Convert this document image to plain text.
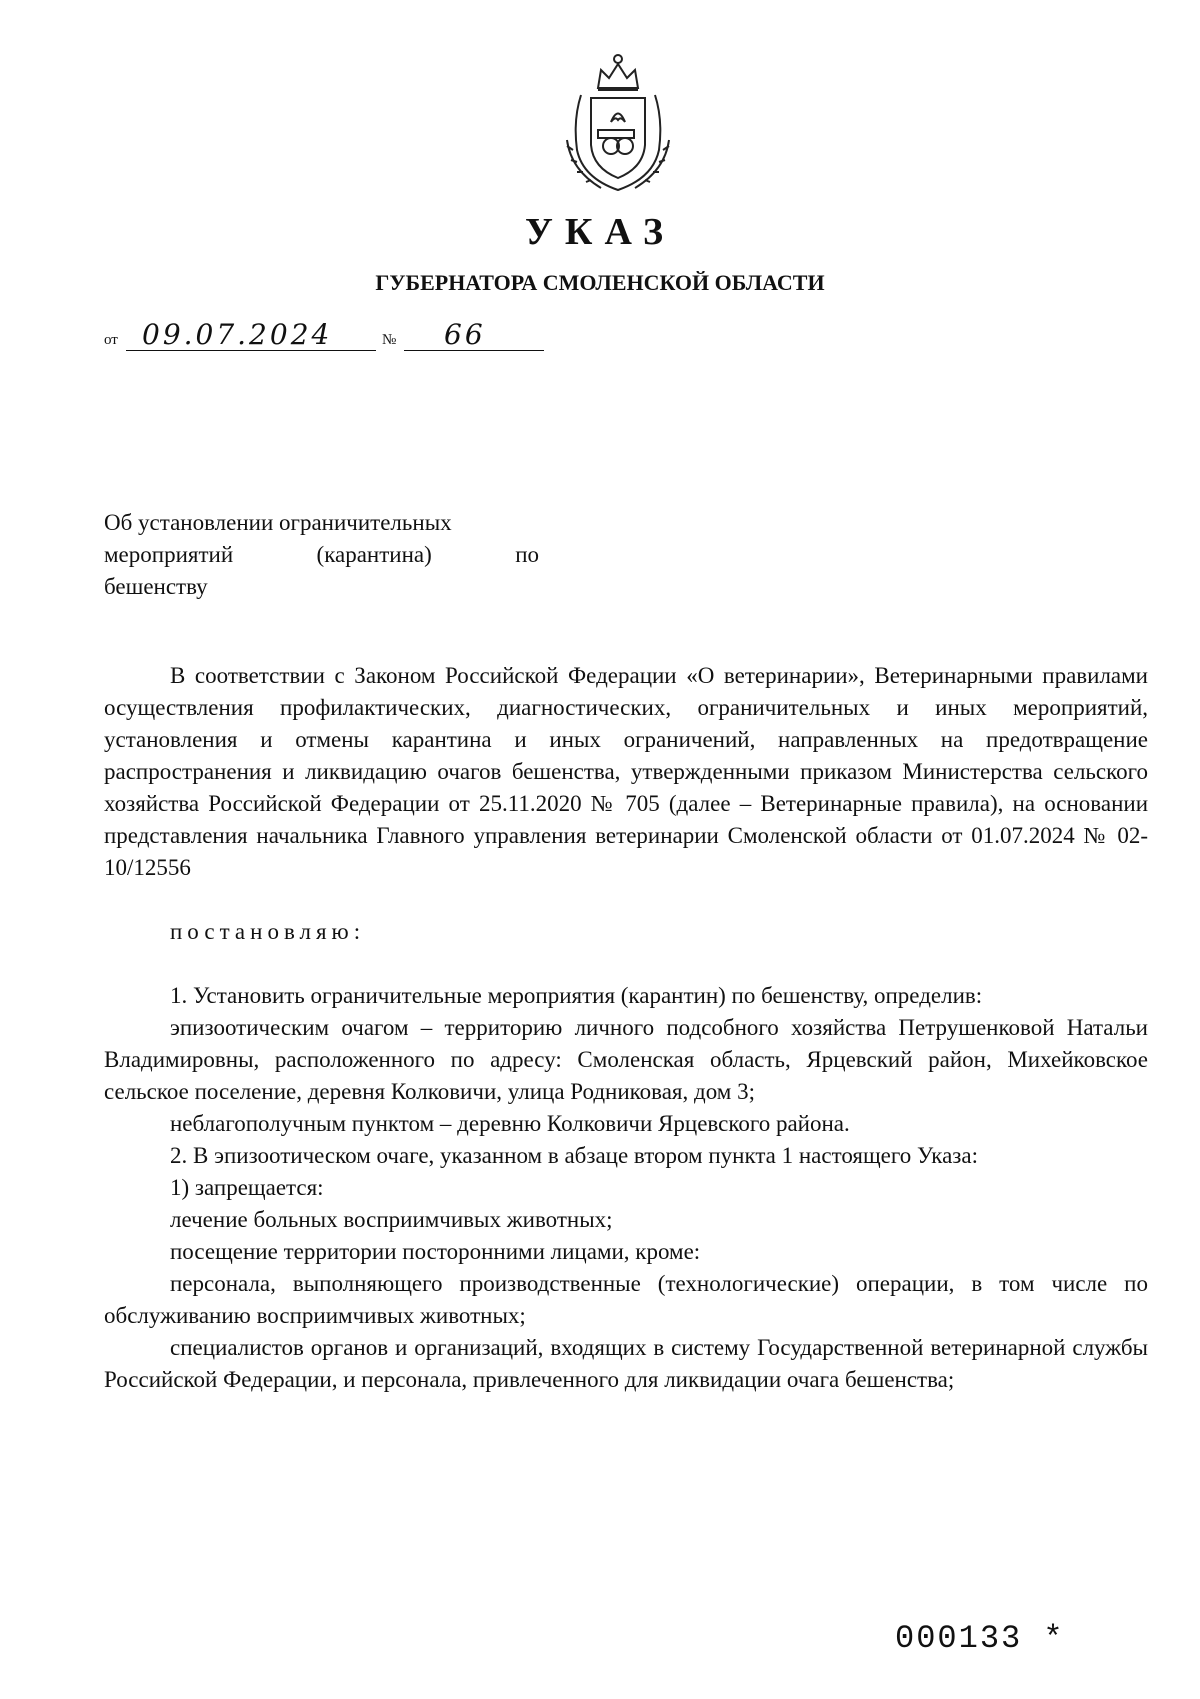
УКАЗ
ГУБЕРНАТОРА СМОЛЕНСКОЙ ОБЛАСТИ
от 09.07.2024	№ 66
Об установлении ограничительных
мероприятий (карантина) по
бешенству

В соответствии с Законом Российской Федерации «О ветеринарии», Ветеринарными правилами осуществления профилактических, диагностических, ограничительных и иных мероприятий, установления и отмены карантина и иных ограничений, направленных на предотвращение распространения и ликвидацию очагов бешенства, утвержденными приказом Министерства сельского хозяйства Российской Федерации от 25.11.2020 № 705 (далее – Ветеринарные правила), на основании представления начальника Главного управления ветеринарии Смоленской области от 01.07.2024 № 02-10/12556

постановляю:

1. Установить ограничительные мероприятия (карантин) по бешенству, определив:

эпизоотическим очагом – территорию личного подсобного хозяйства Петрушенковой Натальи Владимировны, расположенного по адресу: Смоленская область, Ярцевский район, Михейковское сельское поселение, деревня Колковичи, улица Родниковая, дом 3;

неблагополучным пунктом – деревню Колковичи Ярцевского района.

2. В эпизоотическом очаге, указанном в абзаце втором пункта 1 настоящего Указа:

1) запрещается:

лечение больных восприимчивых животных;

посещение территории посторонними лицами, кроме:

персонала, выполняющего производственные (технологические) операции, в том числе по обслуживанию восприимчивых животных;

специалистов органов и организаций, входящих в систему Государственной ветеринарной службы Российской Федерации, и персонала, привлеченного для ликвидации очага бешенства;

000133 *
